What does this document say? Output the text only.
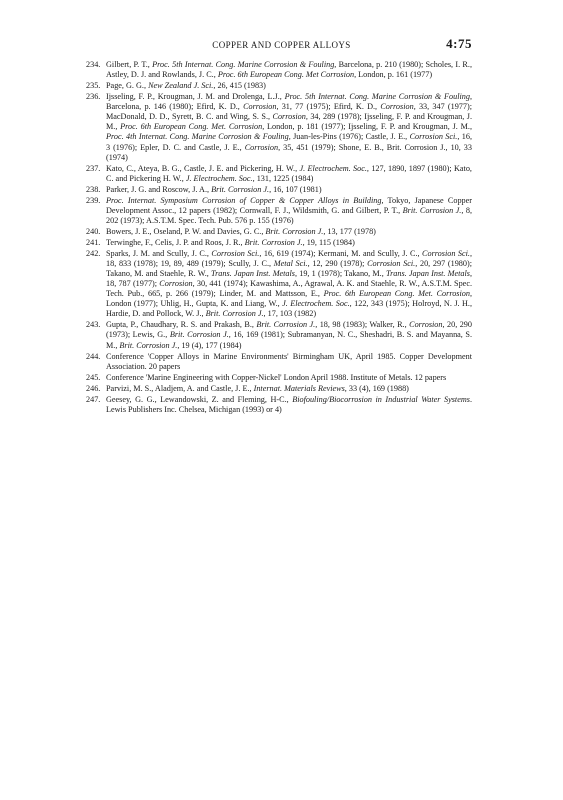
COPPER AND COPPER ALLOYS	4:75
234. Gilbert, P. T., Proc. 5th Internat. Cong. Marine Corrosion & Fouling, Barcelona, p. 210 (1980); Scholes, I. R., Astley, D. J. and Rowlands, J. C., Proc. 6th European Cong. Met Corrosion, London, p. 161 (1977)
235. Page, G. G., New Zealand J. Sci., 26, 415 (1983)
236. Ijsseling, F. P., Krougman, J. M. and Drolenga, L.J., Proc. 5th Internat. Cong. Marine Corrosion & Fouling, Barcelona, p. 146 (1980); Efird, K. D., Corrosion, 31, 77 (1975); Efird, K. D., Corrosion, 33, 347 (1977); MacDonald, D. D., Syrett, B. C. and Wing, S. S., Corrosion, 34, 289 (1978); Ijsseling, F. P. and Krougman, J. M., Proc. 6th European Cong. Met. Corrosion, London, p. 181 (1977); Ijsseling, F. P. and Krougman, J. M., Proc. 4th Internat. Cong. Marine Corrosion & Fouling, Juan-les-Pins (1976); Castle, J. E., Corrosion Sci., 16, 3 (1976); Epler, D. C. and Castle, J. E., Corrosion, 35, 451 (1979); Shone, E. B., Brit. Corrosion J., 10, 33 (1974)
237. Kato, C., Ateya, B. G., Castle, J. E. and Pickering, H. W., J. Electrochem. Soc., 127, 1890, 1897 (1980); Kato, C. and Pickering H. W., J. Electrochem. Soc., 131, 1225 (1984)
238. Parker, J. G. and Roscow, J. A., Brit. Corrosion J., 16, 107 (1981)
239. Proc. Internat. Symposium Corrosion of Copper & Copper Alloys in Building, Tokyo, Japanese Copper Development Assoc., 12 papers (1982); Cornwall, F. J., Wildsmith, G. and Gilbert, P. T., Brit. Corrosion J., 8, 202 (1973); A.S.T.M. Spec. Tech. Pub. 576 p. 155 (1976)
240. Bowers, J. E., Oseland, P. W. and Davies, G. C., Brit. Corrosion J., 13, 177 (1978)
241. Terwinghe, F., Celis, J. P. and Roos, J. R., Brit. Corrosion J., 19, 115 (1984)
242. Sparks, J. M. and Scully, J. C., Corrosion Sci., 16, 619 (1974); Kermani, M. and Scully, J. C., Corrosion Sci., 18, 833 (1978); 19, 89, 489 (1979); Scully, J. C., Metal Sci., 12, 290 (1978); Corrosion Sci., 20, 297 (1980); Takano, M. and Staehle, R. W., Trans. Japan Inst. Metals, 19, 1 (1978); Takano, M., Trans. Japan Inst. Metals, 18, 787 (1977); Corrosion, 30, 441 (1974); Kawashima, A., Agrawal, A. K. and Staehle, R. W., A.S.T.M. Spec. Tech. Pub., 665, p. 266 (1979); Linder, M. and Mattsson, E., Proc. 6th European Cong. Met. Corrosion, London (1977); Uhlig, H., Gupta, K. and Liang, W., J. Electrochem. Soc., 122, 343 (1975); Holroyd, N. J. H., Hardie, D. and Pollock, W. J., Brit. Corrosion J., 17, 103 (1982)
243. Gupta, P., Chaudhary, R. S. and Prakash, B., Brit. Corrosion J., 18, 98 (1983); Walker, R., Corrosion, 20, 290 (1973); Lewis, G., Brit. Corrosion J., 16, 169 (1981); Subramanyan, N. C., Sheshadri, B. S. and Mayanna, S. M., Brit. Corrosion J., 19 (4), 177 (1984)
244. Conference 'Copper Alloys in Marine Environments' Birmingham UK, April 1985. Copper Development Association. 20 papers
245. Conference 'Marine Engineering with Copper-Nickel' London April 1988. Institute of Metals. 12 papers
246. Parvizi, M. S., Aladjem, A. and Castle, J. E., Internat. Materials Reviews, 33 (4), 169 (1988)
247. Geesey, G. G., Lewandowski, Z. and Fleming, H-C., Biofouling/Biocorrosion in Industrial Water Systems. Lewis Publishers Inc. Chelsea, Michigan (1993) or 4)
